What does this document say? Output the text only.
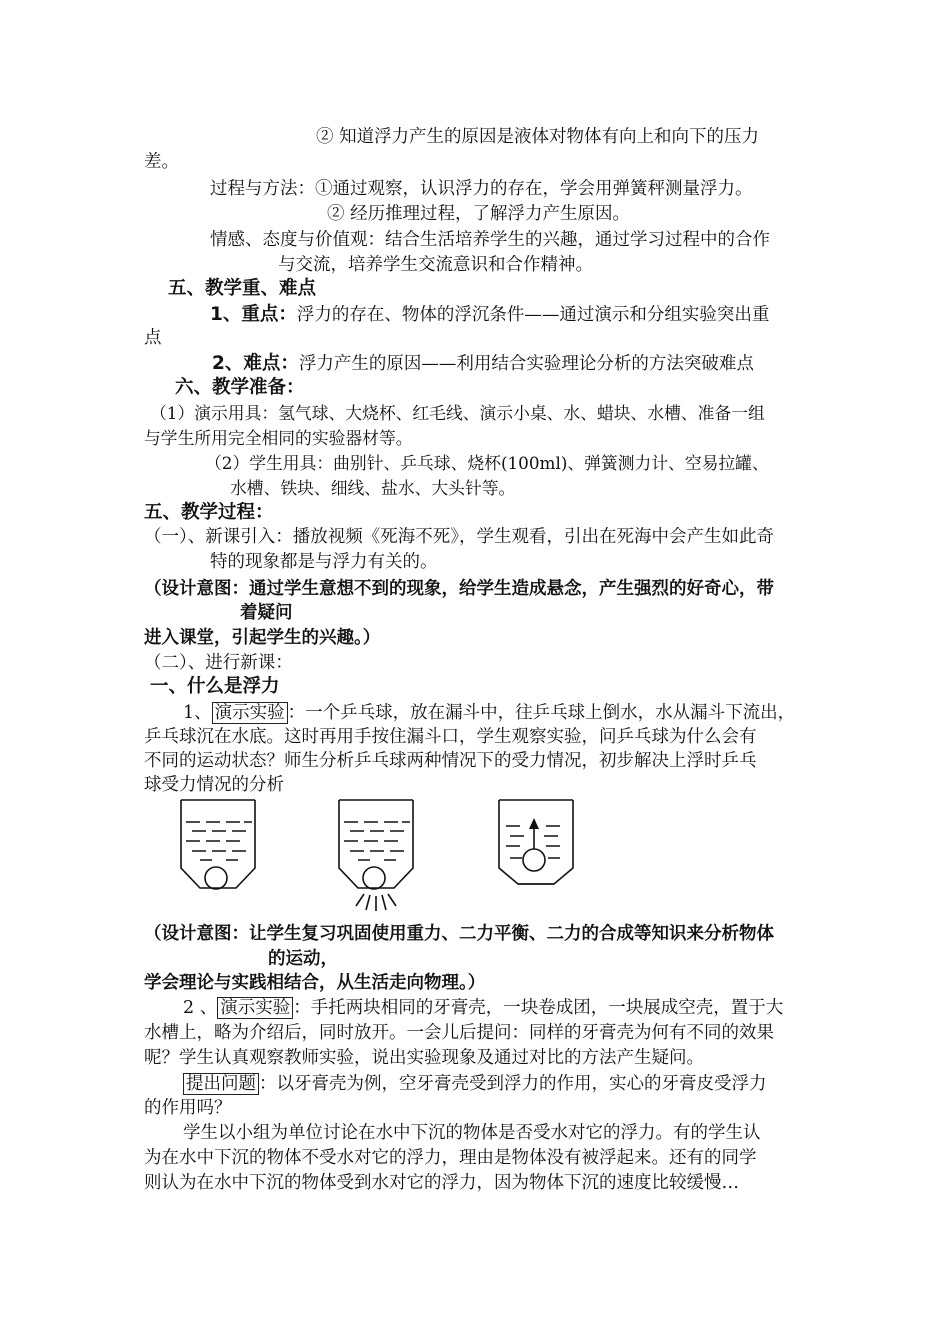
② 知道浮力产生的原因是液体对物体有向上和向下的压力
差。
过程与方法：①通过观察，认识浮力的存在，学会用弹簧秤测量浮力。
② 经历推理过程，了解浮力产生原因。
情感、态度与价值观：结合生活培养学生的兴趣，通过学习过程中的合作
与交流，培养学生交流意识和合作精神。
五、教学重、难点
1、重点：浮力的存在、物体的浮沉条件——通过演示和分组实验突出重
点
2、难点：浮力产生的原因——利用结合实验理论分析的方法突破难点
六、教学准备：
（1）演示用具：氢气球、大烧杯、红毛线、演示小桌、水、蜡块、水槽、准备一组
与学生所用完全相同的实验器材等。
（2）学生用具：曲别针、乒乓球、烧杯(100ml)、弹簧测力计、空易拉罐、
水槽、铁块、细线、盐水、大头针等。
五、教学过程：
（一）、新课引入：播放视频《死海不死》，学生观看，引出在死海中会产生如此奇
特的现象都是与浮力有关的。
（设计意图：通过学生意想不到的现象，给学生造成悬念，产生强烈的好奇心，带
着疑问
进入课堂，引起学生的兴趣。）
（二）、进行新课：
一、什么是浮力
1、 演示实验 ：一个乒乓球，放在漏斗中，往乒乓球上倒水，水从漏斗下流出，
乒乓球沉在水底。这时再用手按住漏斗口，学生观察实验，问乒乓球为什么会有
不同的运动状态？师生分析乒乓球两种情况下的受力情况，初步解决上浮时乒乓
球受力情况的分析
（设计意图：让学生复习巩固使用重力、二力平衡、二力的合成等知识来分析物体
的运动，
学会理论与实践相结合，从生活走向物理。）
2 、 演示实验 ：手托两块相同的牙膏壳，一块卷成团，一块展成空壳，置于大
水槽上，略为介绍后，同时放开。一会儿后提问：同样的牙膏壳为何有不同的效果
呢？学生认真观察教师实验，说出实验现象及通过对比的方法产生疑问。
提出问题 ：以牙膏壳为例，空牙膏壳受到浮力的作用，实心的牙膏皮受浮力
的作用吗？
学生以小组为单位讨论在水中下沉的物体是否受水对它的浮力。有的学生认
为在水中下沉的物体不受水对它的浮力，理由是物体没有被浮起来。还有的同学
则认为在水中下沉的物体受到水对它的浮力，因为物体下沉的速度比较缓慢…
